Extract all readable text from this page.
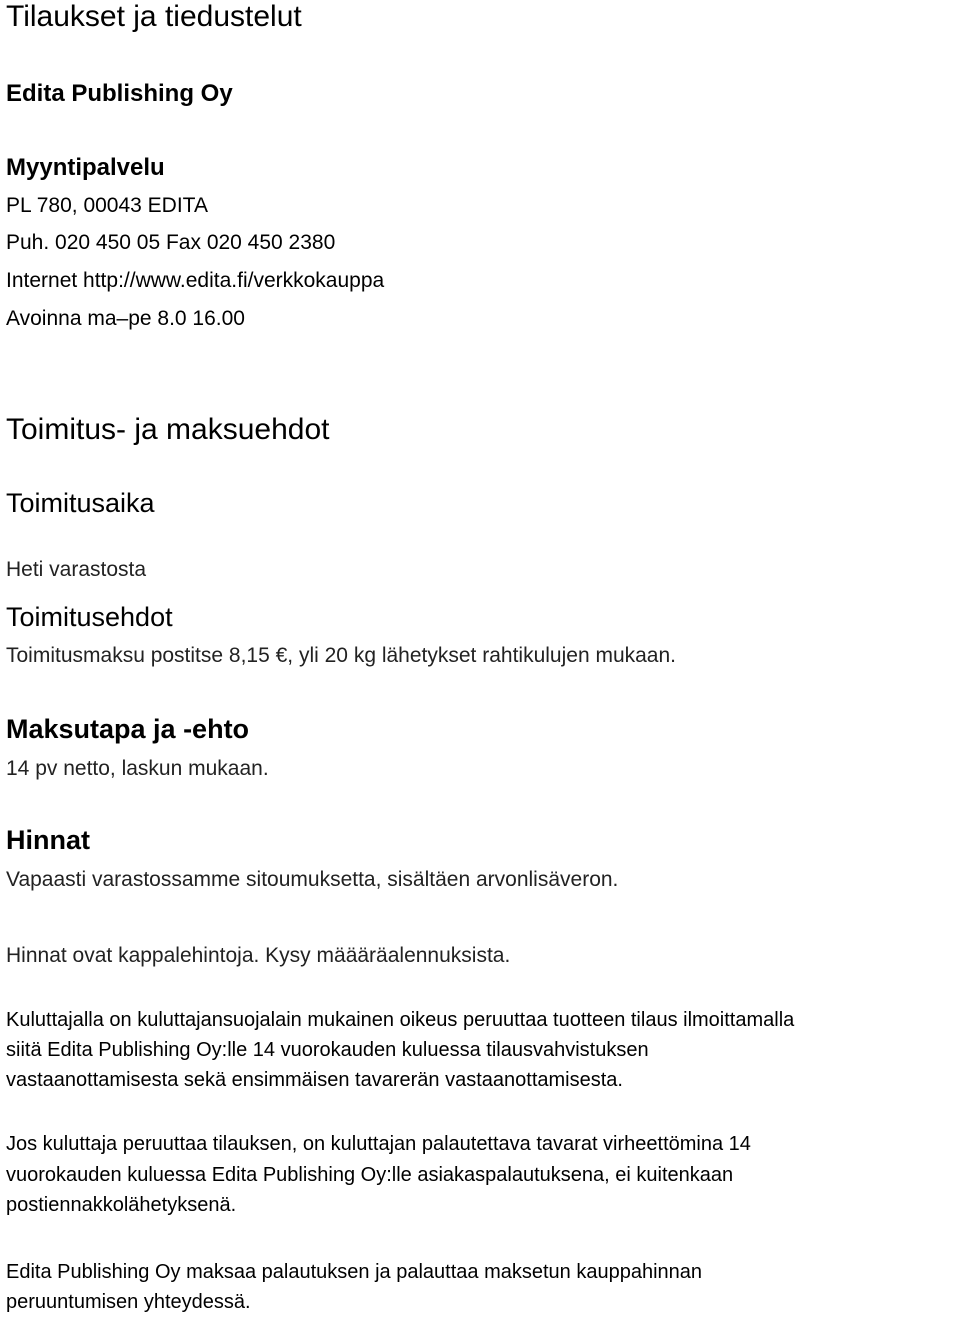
Tilaukset ja tiedustelut
Edita Publishing Oy
Myyntipalvelu
PL 780, 00043 EDITA
Puh. 020 450 05 Fax 020 450 2380
Internet http://www.edita.fi/verkkokauppa
Avoinna ma–pe 8.0 16.00
Toimitus- ja maksuehdot
Toimitusaika
Heti varastosta
Toimitusehdot
Toimitusmaksu postitse 8,15 €, yli 20 kg lähetykset rahtikulujen mukaan.
Maksutapa ja -ehto
14 pv netto, laskun mukaan.
Hinnat
Vapaasti varastossamme sitoumuksetta, sisältäen arvonlisäveron.
Hinnat ovat kappalehintoja. Kysy määäräalennuksista.
Kuluttajalla on kuluttajansuojalain mukainen oikeus peruuttaa tuotteen tilaus ilmoittamalla
siitä Edita Publishing Oy:lle 14 vuorokauden kuluessa tilausvahvistuksen
vastaanottamisesta sekä ensimmäisen tavarerän vastaanottamisesta.
Jos kuluttaja peruuttaa tilauksen, on kuluttajan palautettava tavarat virheettömina 14
vuorokauden kuluessa Edita Publishing Oy:lle asiakaspalautuksena, ei kuitenkaan
postiennakkolähetyksenä.
Edita Publishing Oy maksaa palautuksen ja palauttaa maksetun kauppahinnan
peruuntumisen yhteydessä.
